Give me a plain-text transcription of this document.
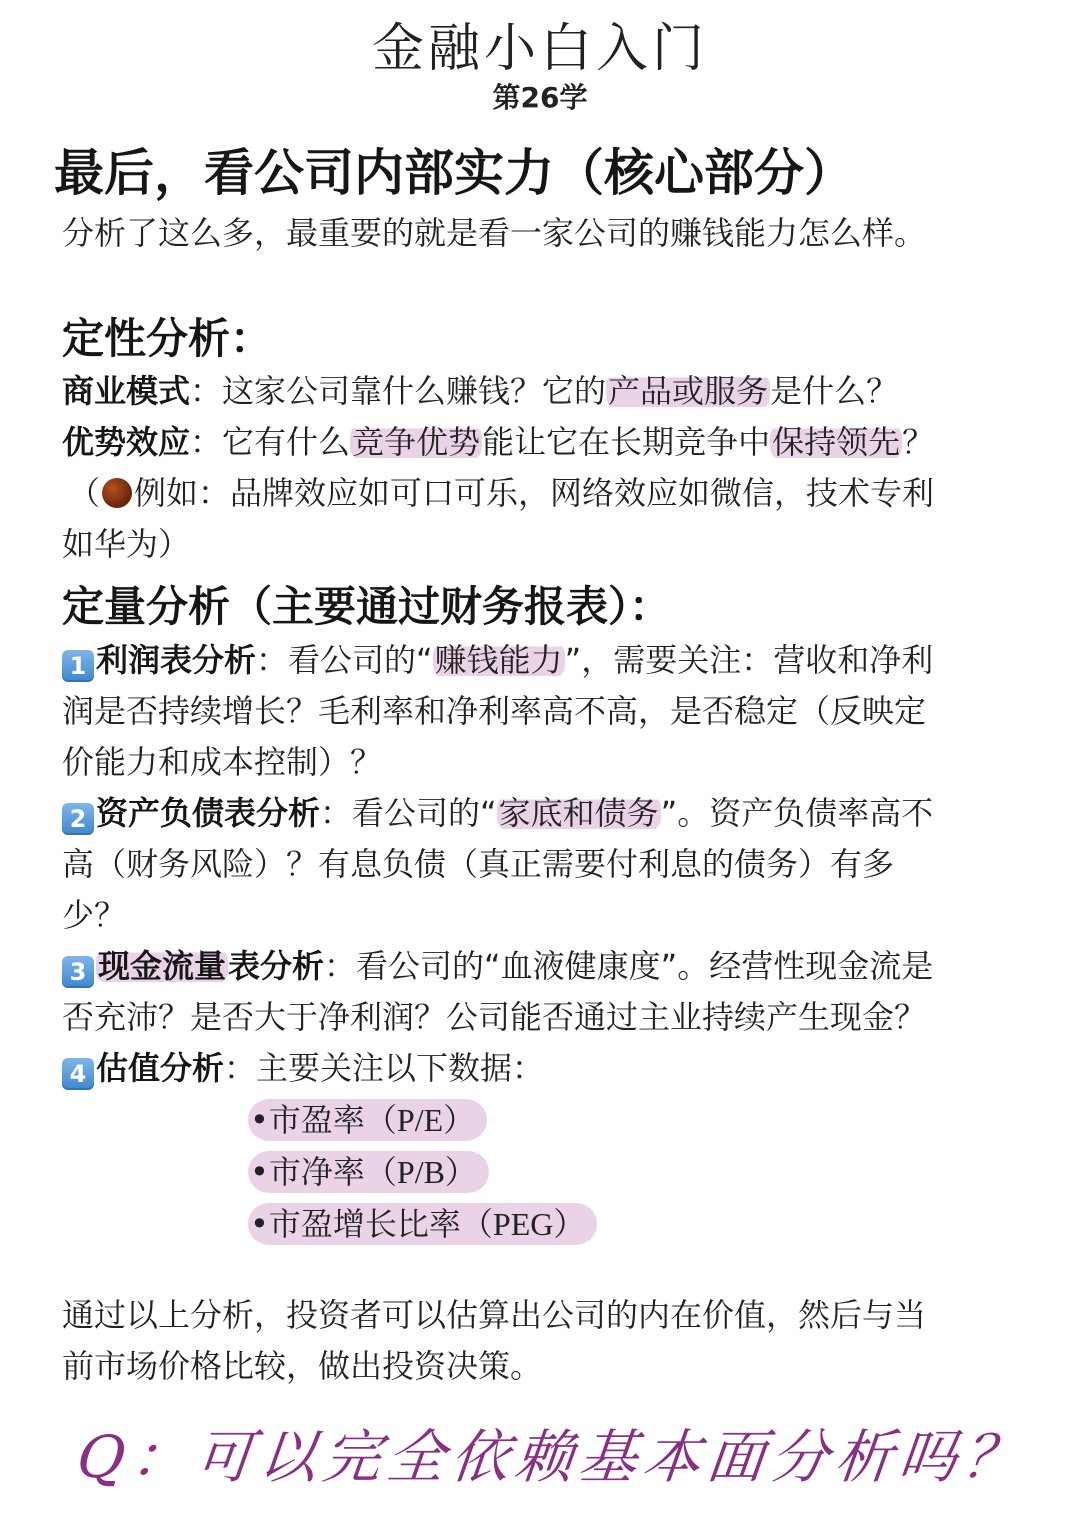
金融小白入门
第26学
最后，看公司内部实力（核心部分）
分析了这么多，最重要的就是看一家公司的赚钱能力怎么样。
定性分析：
商业模式：这家公司靠什么赚钱？它的产品或服务是什么？
优势效应：它有什么竞争优势能让它在长期竞争中保持领先？
（ 例如：品牌效应如可口可乐，网络效应如微信，技术专利
如华为）
定量分析（主要通过财务报表）：
1 利润表分析：看公司的“赚钱能力”，需要关注：营收和净利
润是否持续增长？毛利率和净利率高不高，是否稳定（反映定
价能力和成本控制）？
2 资产负债表分析：看公司的“家底和债务”。资产负债率高不
高（财务风险）？有息负债（真正需要付利息的债务）有多
少？
3 现金流量表分析：看公司的“血液健康度”。经营性现金流是
否充沛？是否大于净利润？公司能否通过主业持续产生现金？
4 估值分析：主要关注以下数据：
•市盈率（P/E）
•市净率（P/B）
•市盈增长比率（PEG）
通过以上分析，投资者可以估算出公司的内在价值，然后与当
前市场价格比较，做出投资决策。
Q：可以完全依赖基本面分析吗？
